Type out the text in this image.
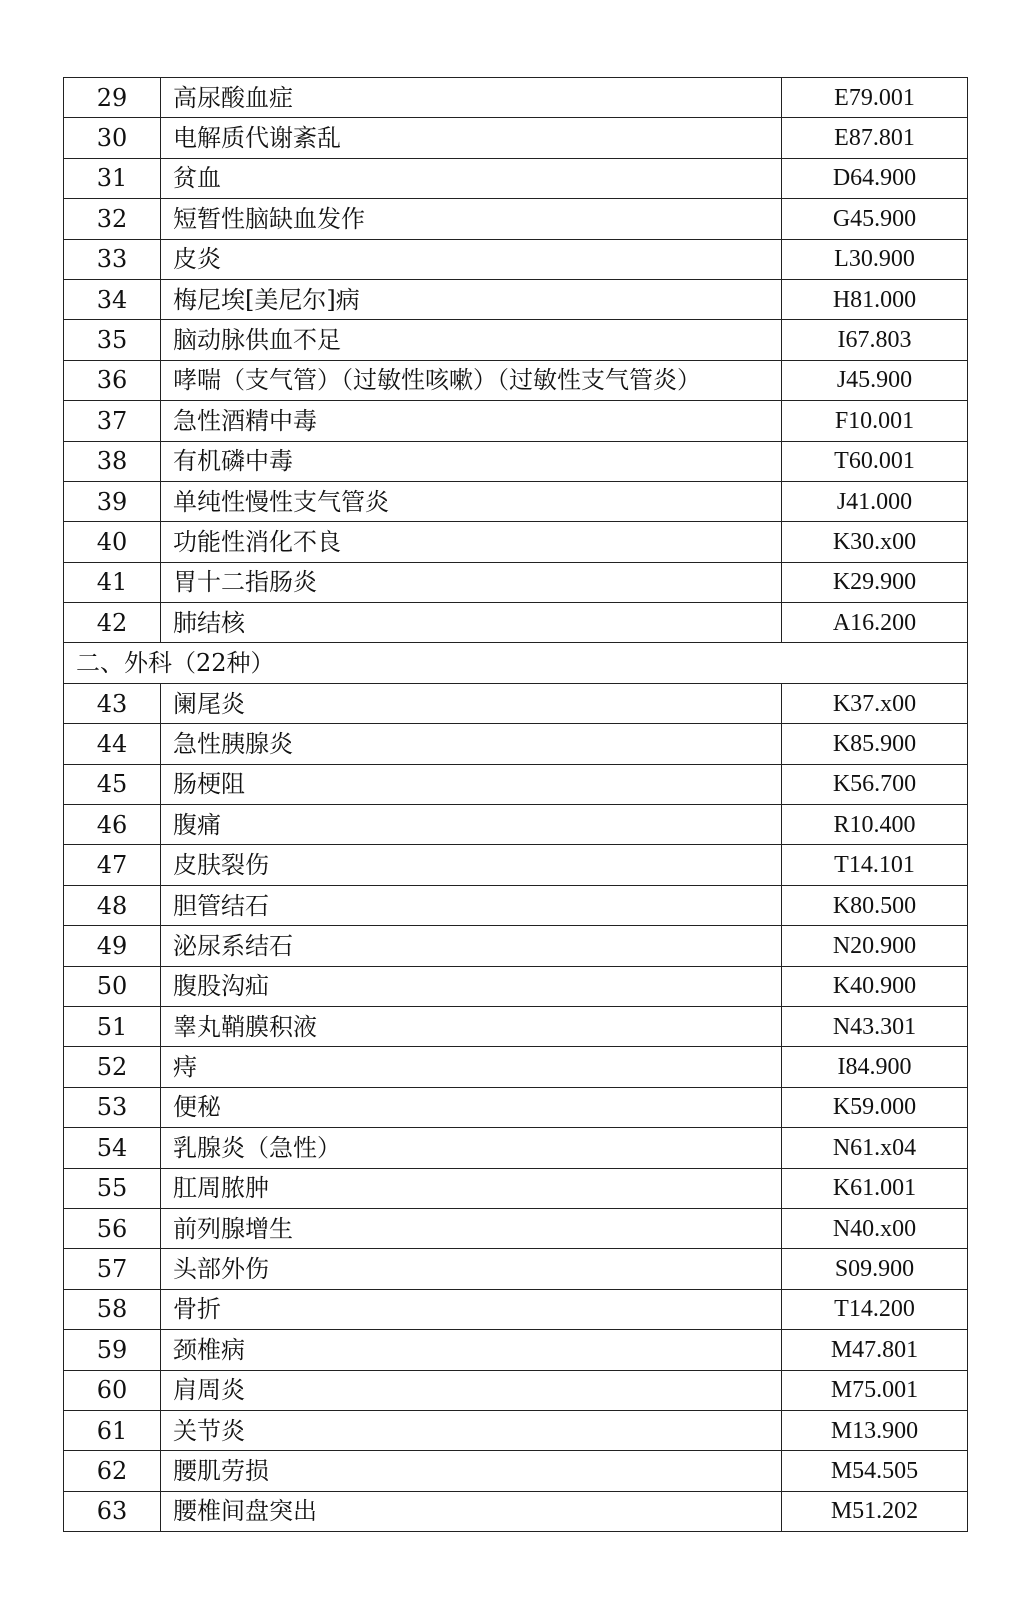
29	高尿酸血症	E79.001
30	电解质代谢紊乱	E87.801
31	贫血	D64.900
32	短暂性脑缺血发作	G45.900
33	皮炎	L30.900
34	梅尼埃[美尼尔]病	H81.000
35	脑动脉供血不足	I67.803
36	哮喘（支气管）（过敏性咳嗽）（过敏性支气管炎）	J45.900
37	急性酒精中毒	F10.001
38	有机磷中毒	T60.001
39	单纯性慢性支气管炎	J41.000
40	功能性消化不良	K30.x00
41	胃十二指肠炎	K29.900
42	肺结核	A16.200
二、外科（22种）		
43	阑尾炎	K37.x00
44	急性胰腺炎	K85.900
45	肠梗阻	K56.700
46	腹痛	R10.400
47	皮肤裂伤	T14.101
48	胆管结石	K80.500
49	泌尿系结石	N20.900
50	腹股沟疝	K40.900
51	睾丸鞘膜积液	N43.301
52	痔	I84.900
53	便秘	K59.000
54	乳腺炎（急性）	N61.x04
55	肛周脓肿	K61.001
56	前列腺增生	N40.x00
57	头部外伤	S09.900
58	骨折	T14.200
59	颈椎病	M47.801
60	肩周炎	M75.001
61	关节炎	M13.900
62	腰肌劳损	M54.505
63	腰椎间盘突出	M51.202
